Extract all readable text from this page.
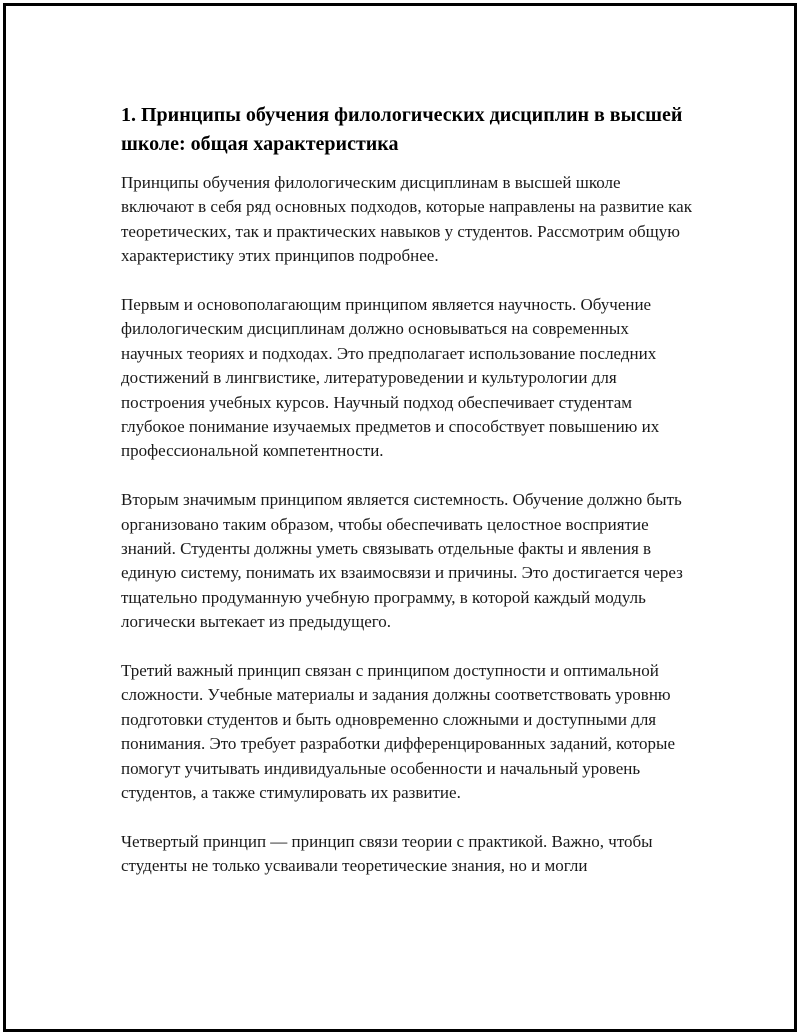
1. Принципы обучения филологических дисциплин в высшей школе: общая характеристика

Принципы обучения филологическим дисциплинам в высшей школе включают в себя ряд основных подходов, которые направлены на развитие как теоретических, так и практических навыков у студентов. Рассмотрим общую характеристику этих принципов подробнее.

Первым и основополагающим принципом является научность. Обучение филологическим дисциплинам должно основываться на современных научных теориях и подходах. Это предполагает использование последних достижений в лингвистике, литературоведении и культурологии для построения учебных курсов. Научный подход обеспечивает студентам глубокое понимание изучаемых предметов и способствует повышению их профессиональной компетентности.

Вторым значимым принципом является системность. Обучение должно быть организовано таким образом, чтобы обеспечивать целостное восприятие знаний. Студенты должны уметь связывать отдельные факты и явления в единую систему, понимать их взаимосвязи и причины. Это достигается через тщательно продуманную учебную программу, в которой каждый модуль логически вытекает из предыдущего.

Третий важный принцип связан с принципом доступности и оптимальной сложности. Учебные материалы и задания должны соответствовать уровню подготовки студентов и быть одновременно сложными и доступными для понимания. Это требует разработки дифференцированных заданий, которые помогут учитывать индивидуальные особенности и начальный уровень студентов, а также стимулировать их развитие.

Четвертый принцип — принцип связи теории с практикой. Важно, чтобы студенты не только усваивали теоретические знания, но и могли
